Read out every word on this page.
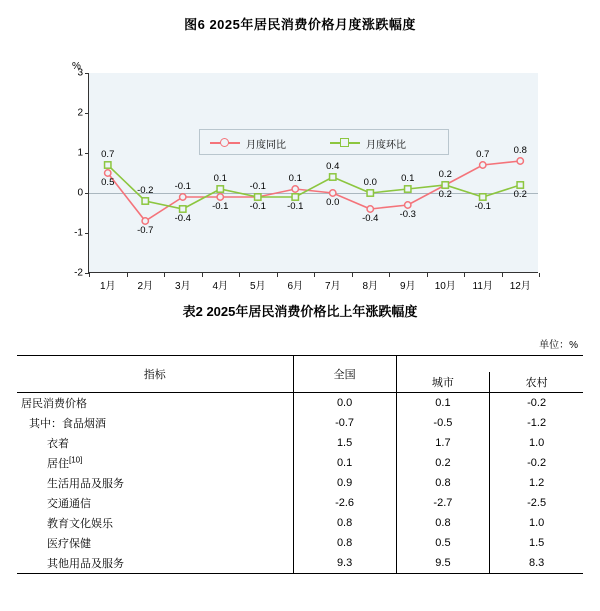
图6 2025年居民消费价格月度涨跌幅度
%
3
2
1
0
-1
-2
1月 2月 3月 4月 5月 6月 7月 8月 9月 10月 11月 12月
0.7
0.5
-0.2
-0.7
-0.1
-0.4
0.1
-0.1
-0.1
-0.1
0.1
-0.1
0.4
0.0
0.0
-0.4
0.1
-0.3
0.2
0.2
0.7
-0.1
0.8
0.2
月度同比	月度环比
表2 2025年居民消费价格比上年涨跌幅度
单位：%
指标	全国		
		城市	农村
居民消费价格	0.0	0.1	-0.2
其中：食品烟酒	-0.7	-0.5	-1.2
衣着	1.5	1.7	1.0
居住[10]	0.1	0.2	-0.2
生活用品及服务	0.9	0.8	1.2
交通通信	-2.6	-2.7	-2.5
教育文化娱乐	0.8	0.8	1.0
医疗保健	0.8	0.5	1.5
其他用品及服务	9.3	9.5	8.3
